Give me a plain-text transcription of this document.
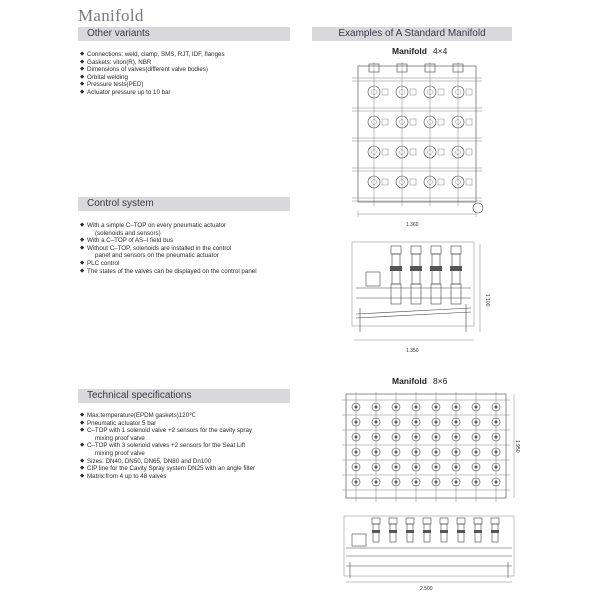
Manifold
Other variants
◆ Connections: weld, clamp, SMS, RJT, IDF, flanges
◆ Gaskets: viton(R), NBR
◆ Dimensions of valves(different valve bodies)
◆ Orbital welding
◆ Pressure tests(PED)
◆ Actuator pressure up to 10 bar
Control system
◆ With a simple C–TOP on every pneumatic actuator
(solenoids and sensors)
◆ With a C–TOP of AS–I field bus
◆ Without C–TOP, solenoids are installed in the control
panel and sensors on the pneumatic actuator
◆ PLC control
◆ The states of the valves can be displayed on the control panel
Technical specifications
◆ Max.temperature(EPDM gaskets)120℃
◆ Pneumatic actuator 5 bar
◆ C–TOP with 1 solenoid valve +2 sensors for the cavity spray
mixing proof valve
◆ C–TOP with 3 solenoid valves +2 sensors for the Seat Lift
mixing proof valve
◆ Sizes: DN40, DN50, DN65, DN80 and Dn100
◆ CIP line for the Cavity Spray system DN25 with an angle filter
◆ Matrix:from 4 up to 48 valves
Examples of A Standard Manifold
Manifold 4×4
1.360
1.350
1.100
Manifold 8×6
1.950
2.500
